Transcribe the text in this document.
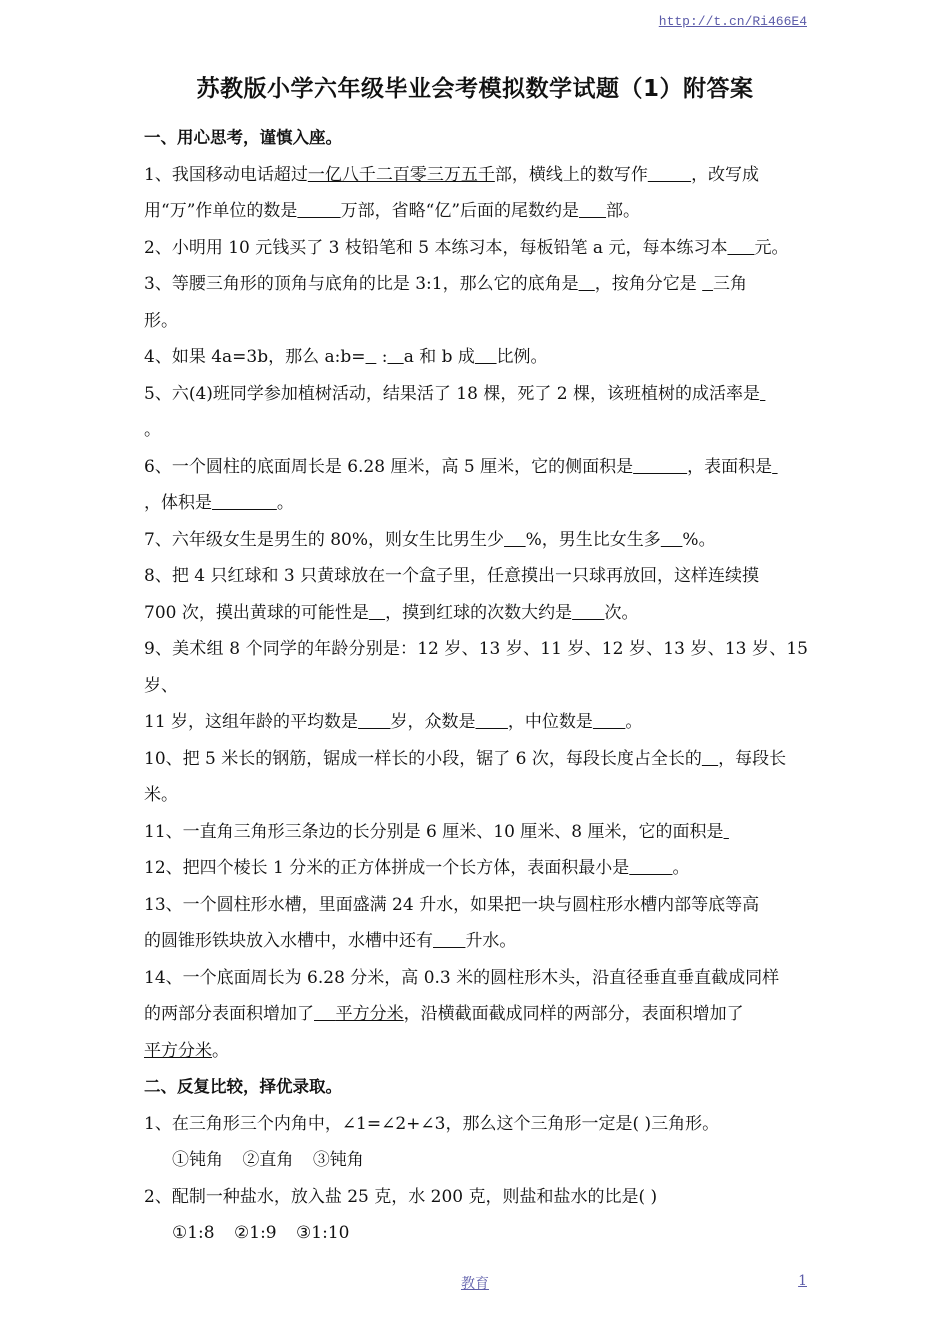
http://t.cn/Ri466E4
苏教版小学六年级毕业会考模拟数学试题（1）附答案
一、用心思考，谨慎入座。
1、我国移动电话超过一亿八千二百零三万五千部，横线上的数写作	，改写成
用“万”作单位的数是	万部，省略“亿”后面的尾数约是 部。
2、小明用 10 元钱买了 3 枝铅笔和 5 本练习本，每板铅笔 a 元，每本练习本 元。
3、等腰三角形的顶角与底角的比是 3:1，那么它的底角是 ，按角分它是   三角
形。
4、如果 4a=3b，那么 a:b=   : a 和 b 成 比例。
5、六(4)班同学参加植树活动，结果活了 18 棵，死了 2 棵，该班植树的成活率是
。
6、一个圆柱的底面周长是 6.28 厘米，高 5 厘米，它的侧面积是	，表面积是
，体积是	。
7、六年级女生是男生的 80%，则女生比男生少 %，男生比女生多 %。
8、把 4 只红球和 3 只黄球放在一个盒子里，任意摸出一只球再放回，这样连续摸
700 次，摸出黄球的可能性是 ，摸到红球的次数大约是 次。
9、美术组 8 个同学的年龄分别是：12 岁、13 岁、11 岁、12 岁、13 岁、13 岁、15 岁、
11 岁，这组年龄的平均数是 岁，众数是 ，中位数是 。
10、把 5 米长的钢筋，锯成一样长的小段，锯了 6 次，每段长度占全长的 ，每段长
米。
11、一直角三角形三条边的长分别是 6 厘米、10 厘米、8 厘米，它的面积是
12、把四个棱长 1 分米的正方体拼成一个长方体，表面积最小是	。
13、一个圆柱形水槽，里面盛满 24 升水，如果把一块与圆柱形水槽内部等底等高
的圆锥形铁块放入水槽中，水槽中还有 升水。
14、一个底面周长为 6.28 分米，高 0.3 米的圆柱形木头，沿直径垂直垂直截成同样
的两部分表面积增加了 平方分米，沿横截面截成同样的两部分，表面积增加了
平方分米。
二、反复比较，择优录取。
1、在三角形三个内角中，∠1=∠2+∠3，那么这个三角形一定是( )三角形。
①钝角 ②直角 ③钝角
2、配制一种盐水，放入盐 25 克，水 200 克，则盐和盐水的比是( )
①1:8 ②1:9 ③1:10
教育	1
